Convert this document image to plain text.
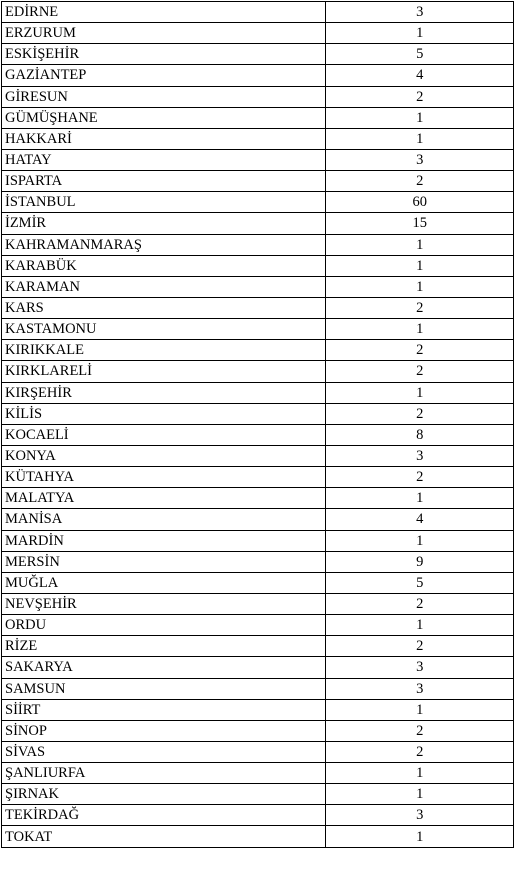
EDİRNE	3
ERZURUM	1
ESKİŞEHİR	5
GAZİANTEP	4
GİRESUN	2
GÜMÜŞHANE	1
HAKKARİ	1
HATAY	3
ISPARTA	2
İSTANBUL	60
İZMİR	15
KAHRAMANMARAŞ	1
KARABÜK	1
KARAMAN	1
KARS	2
KASTAMONU	1
KIRIKKALE	2
KIRKLARELİ	2
KIRŞEHİR	1
KİLİS	2
KOCAELİ	8
KONYA	3
KÜTAHYA	2
MALATYA	1
MANİSA	4
MARDİN	1
MERSİN	9
MUĞLA	5
NEVŞEHİR	2
ORDU	1
RİZE	2
SAKARYA	3
SAMSUN	3
SİİRT	1
SİNOP	2
SİVAS	2
ŞANLIURFA	1
ŞIRNAK	1
TEKİRDAĞ	3
TOKAT	1
